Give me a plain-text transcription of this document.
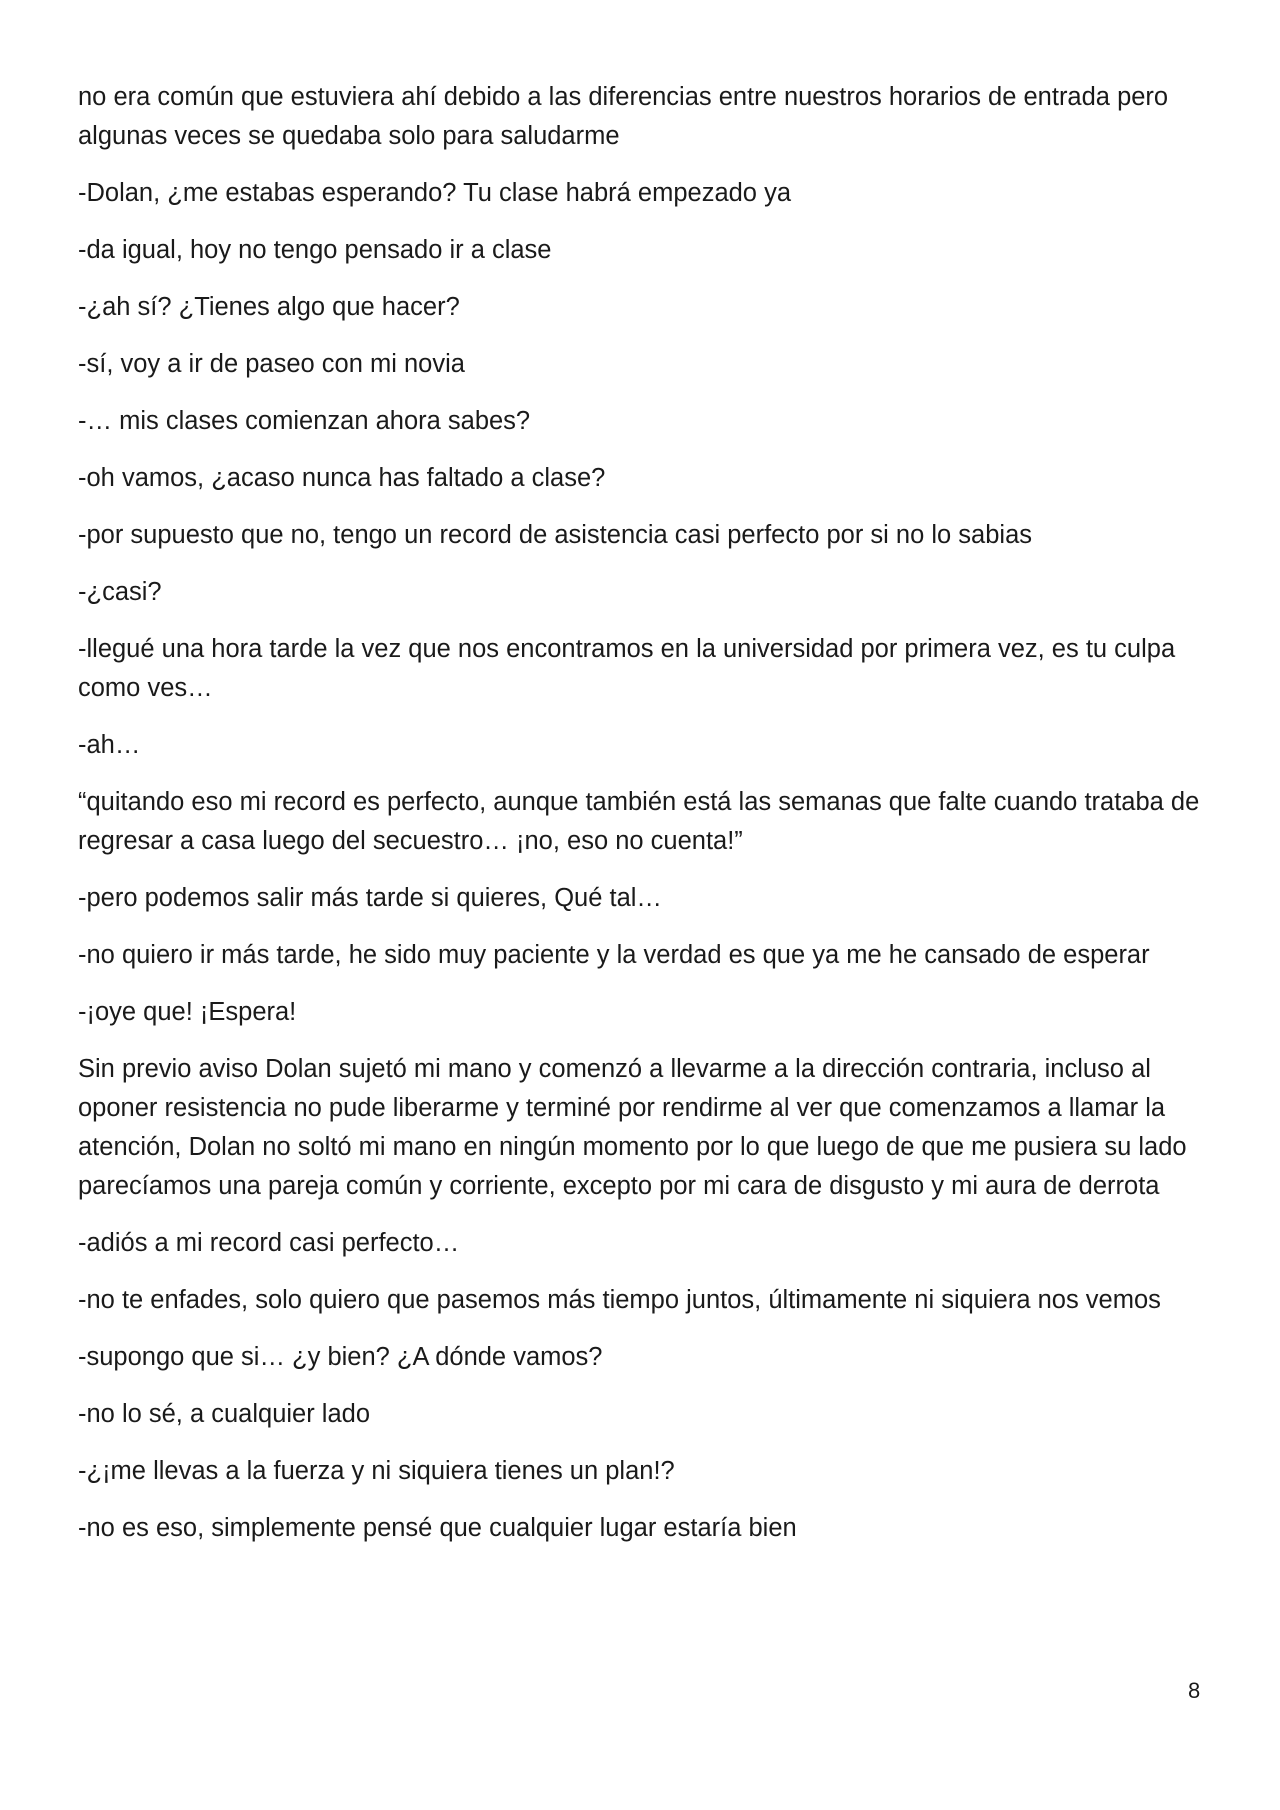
no era común que estuviera ahí debido a las diferencias entre nuestros horarios de entrada pero algunas veces se quedaba solo para saludarme

-Dolan, ¿me estabas esperando? Tu clase habrá empezado ya

-da igual, hoy no tengo pensado ir a clase

-¿ah sí? ¿Tienes algo que hacer?

-sí, voy a ir de paseo con mi novia

-… mis clases comienzan ahora sabes?

-oh vamos, ¿acaso nunca has faltado a clase?

-por supuesto que no, tengo un record de asistencia casi perfecto por si no lo sabias

-¿casi?

-llegué una hora tarde la vez que nos encontramos en la universidad por primera vez, es tu culpa como ves…

-ah…

“quitando eso mi record es perfecto, aunque también está las semanas que falte cuando trataba de regresar a casa luego del secuestro… ¡no, eso no cuenta!”

-pero podemos salir más tarde si quieres, Qué tal…

-no quiero ir más tarde, he sido muy paciente y la verdad es que ya me he cansado de esperar

-¡oye que! ¡Espera!

Sin previo aviso Dolan sujetó mi mano y comenzó a llevarme a la dirección contraria, incluso al oponer resistencia no pude liberarme y terminé por rendirme al ver que comenzamos a llamar la atención, Dolan no soltó mi mano en ningún momento por lo que luego de que me pusiera su lado parecíamos una pareja común y corriente, excepto por mi cara de disgusto y mi aura de derrota

-adiós a mi record casi perfecto…

-no te enfades, solo quiero que pasemos más tiempo juntos, últimamente ni siquiera nos vemos

-supongo que si… ¿y bien? ¿A dónde vamos?

-no lo sé, a cualquier lado

-¿¡me llevas a la fuerza y ni siquiera tienes un plan!?

-no es eso, simplemente pensé que cualquier lugar estaría bien

8
